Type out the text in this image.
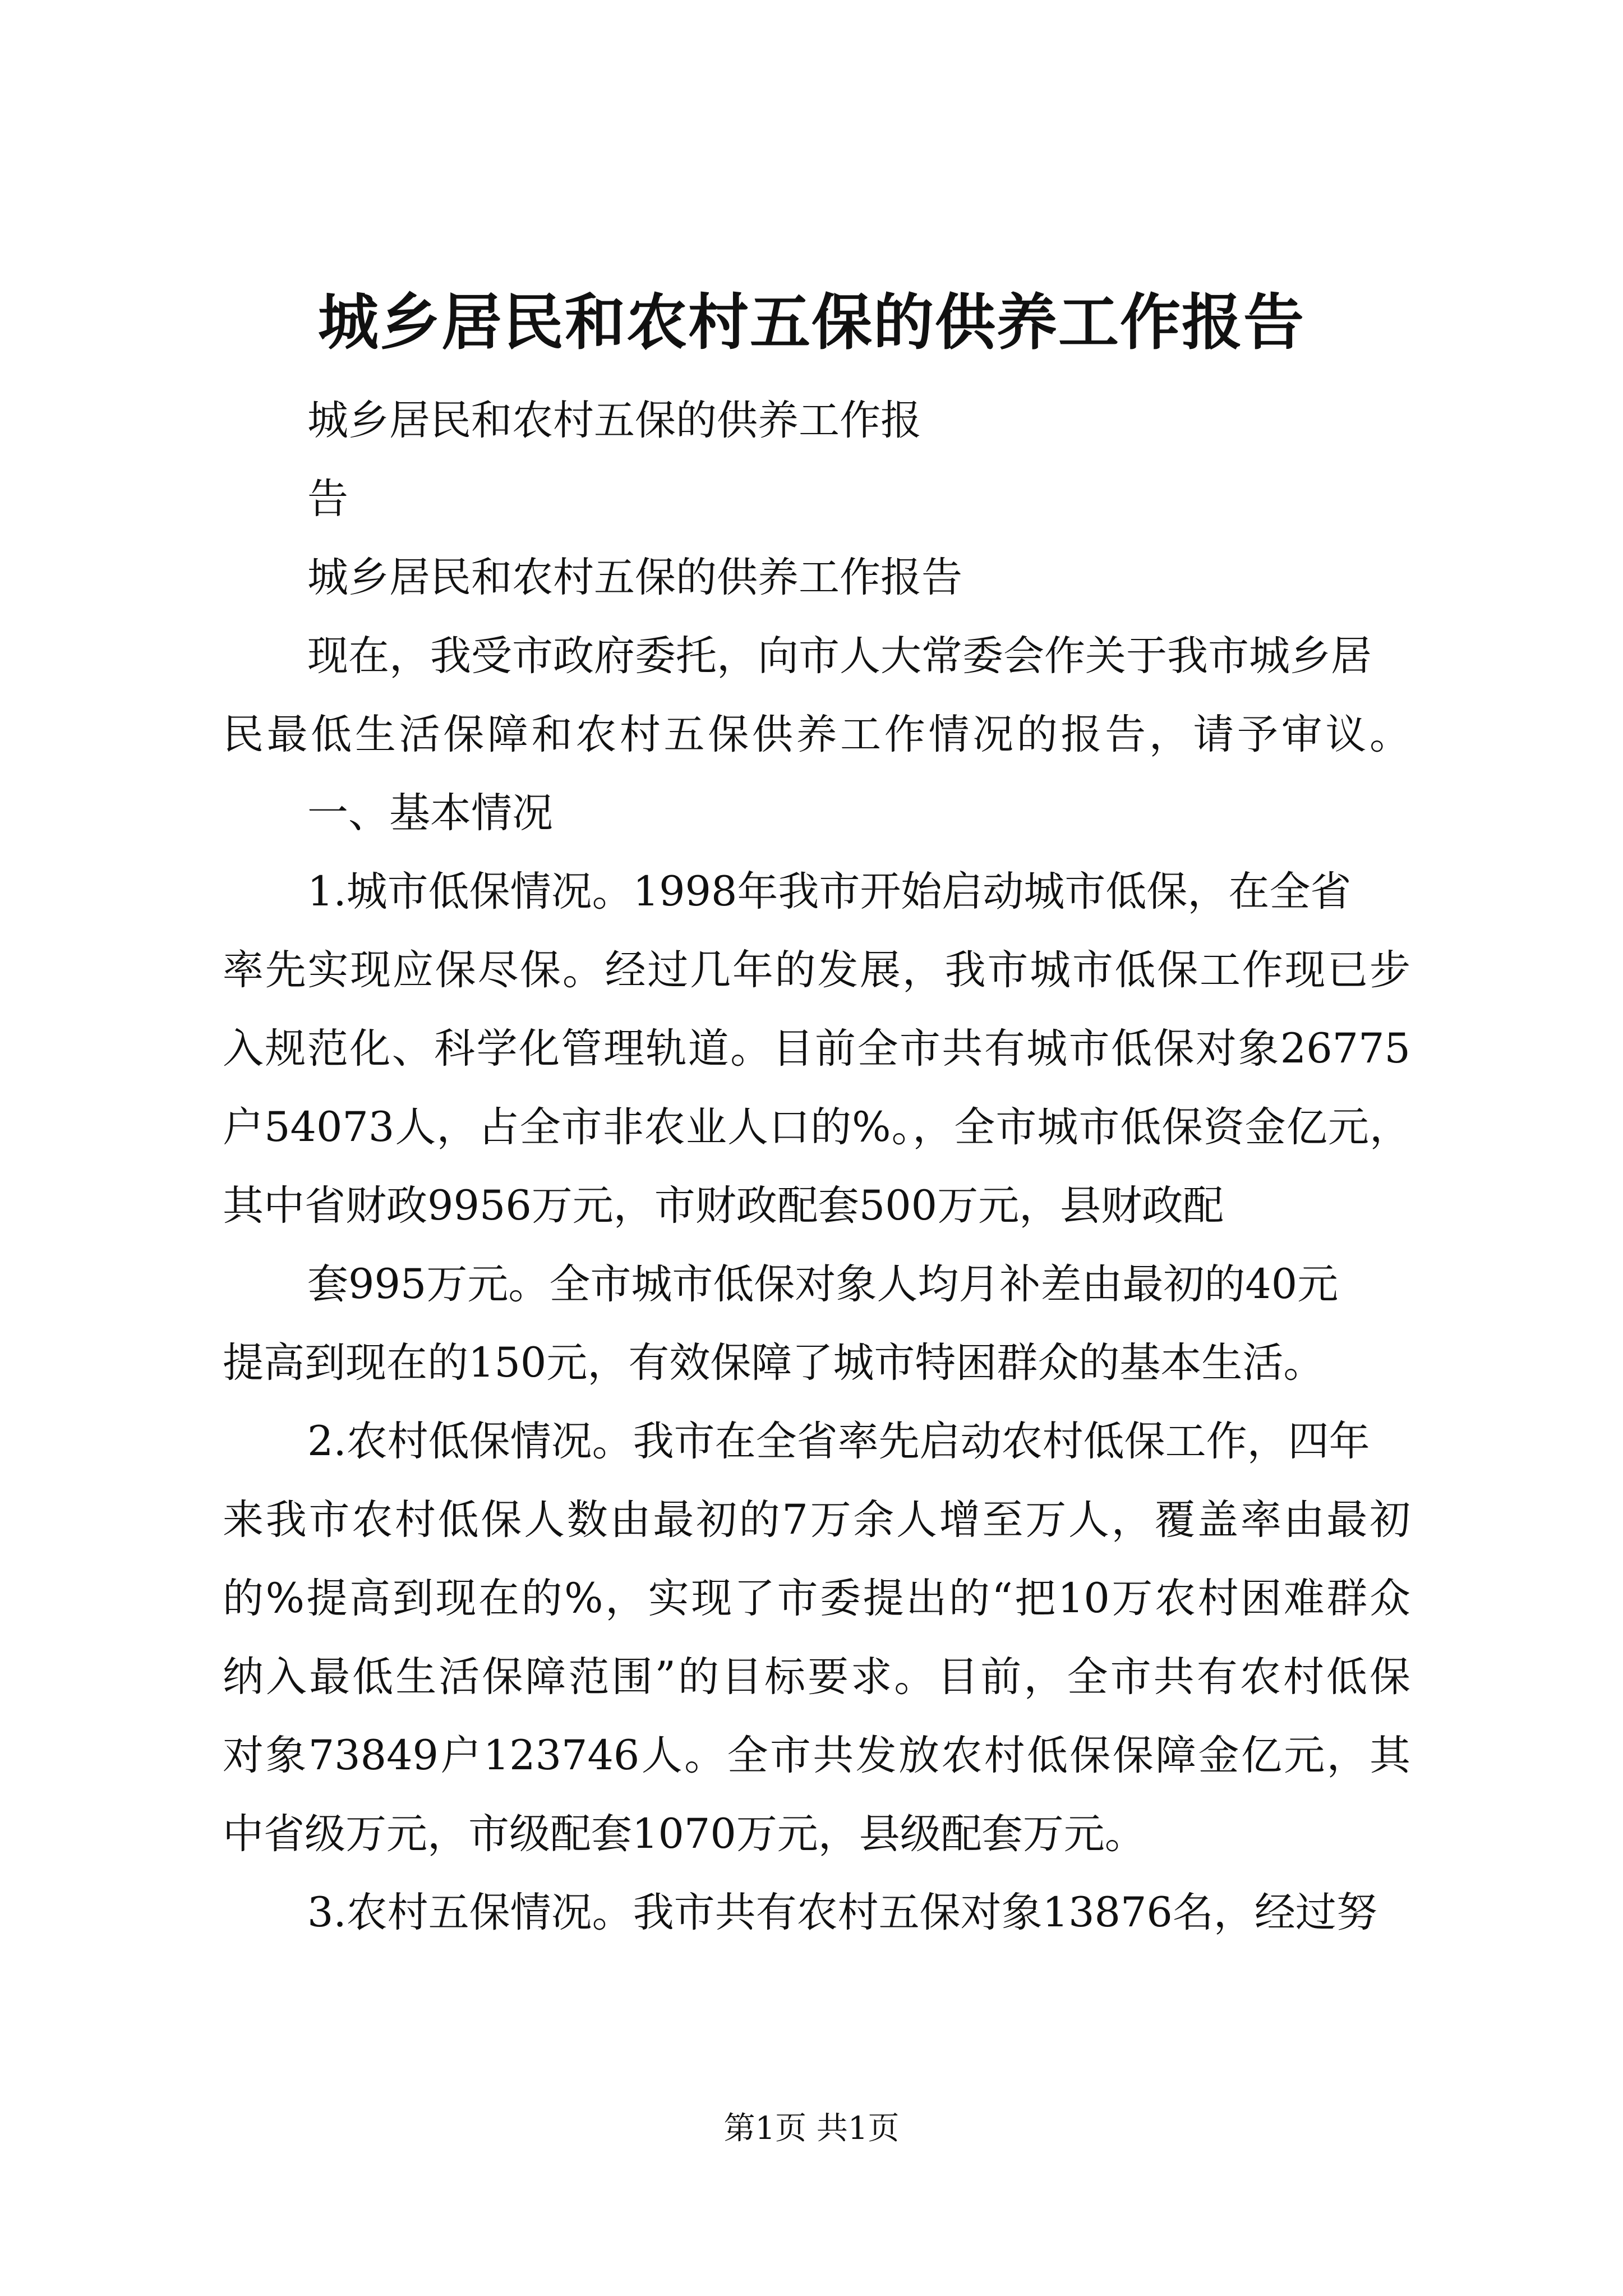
城乡居民和农村五保的供养工作报告
城乡居民和农村五保的供养工作报
告
城乡居民和农村五保的供养工作报告
现在，我受市政府委托，向市人大常委会作关于我市城乡居
民最低生活保障和农村五保供养工作情况的报告，请予审议。
一、基本情况
1.城市低保情况。1998年我市开始启动城市低保，在全省
率先实现应保尽保。经过几年的发展，我市城市低保工作现已步
入规范化、科学化管理轨道。目前全市共有城市低保对象26775
户54073人，占全市非农业人口的%。，全市城市低保资金亿元，
其中省财政9956万元，市财政配套500万元，县财政配
套995万元。全市城市低保对象人均月补差由最初的40元
提高到现在的150元，有效保障了城市特困群众的基本生活。
2.农村低保情况。我市在全省率先启动农村低保工作，四年
来我市农村低保人数由最初的7万余人增至万人，覆盖率由最初
的%提高到现在的%，实现了市委提出的“把10万农村困难群众
纳入最低生活保障范围”的目标要求。目前，全市共有农村低保
对象73849户123746人。全市共发放农村低保保障金亿元，其
中省级万元，市级配套1070万元，县级配套万元。
3.农村五保情况。我市共有农村五保对象13876名，经过努
第1页 共1页
